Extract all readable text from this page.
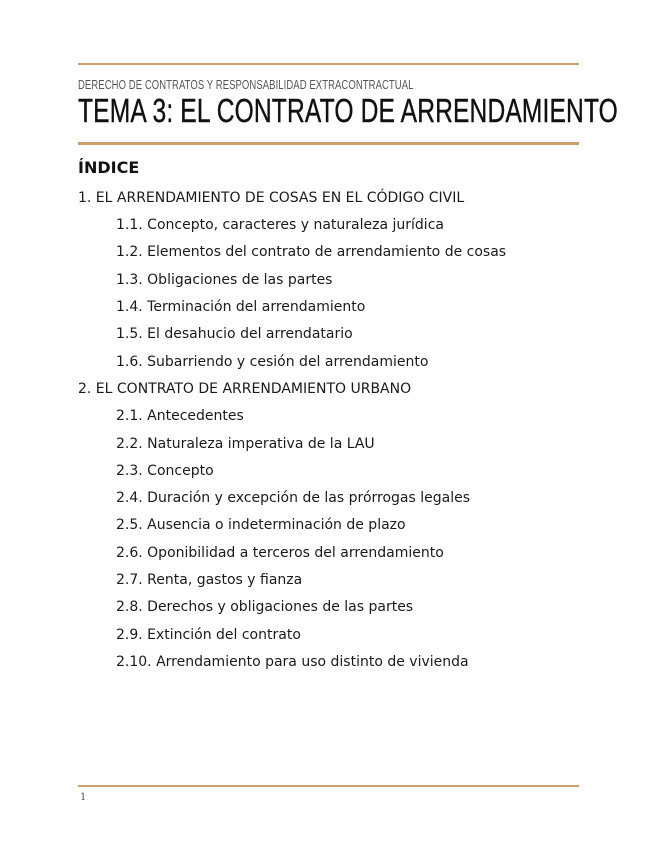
DERECHO DE CONTRATOS Y RESPONSABILIDAD EXTRACONTRACTUAL
TEMA 3: EL CONTRATO DE ARRENDAMIENTO
ÍNDICE
1. EL ARRENDAMIENTO DE COSAS EN EL CÓDIGO CIVIL
1.1. Concepto, caracteres y naturaleza jurídica
1.2. Elementos del contrato de arrendamiento de cosas
1.3. Obligaciones de las partes
1.4. Terminación del arrendamiento
1.5. El desahucio del arrendatario
1.6. Subarriendo y cesión del arrendamiento
2. EL CONTRATO DE ARRENDAMIENTO URBANO
2.1. Antecedentes
2.2. Naturaleza imperativa de la LAU
2.3. Concepto
2.4. Duración y excepción de las prórrogas legales
2.5. Ausencia o indeterminación de plazo
2.6. Oponibilidad a terceros del arrendamiento
2.7. Renta, gastos y fianza
2.8. Derechos y obligaciones de las partes
2.9. Extinción del contrato
2.10. Arrendamiento para uso distinto de vivienda
1
